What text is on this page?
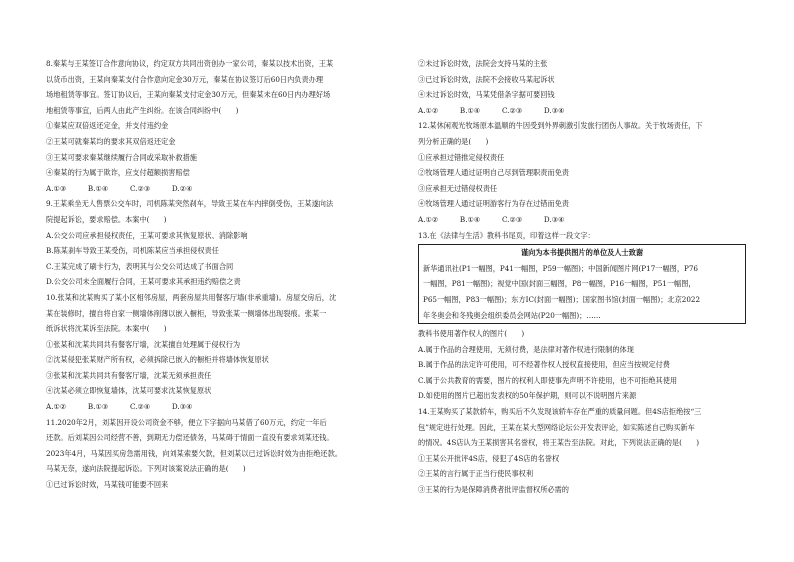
8.秦某与王某签订合作意向协议，约定双方共同出资创办一家公司，秦某以技术出资，王某
以货币出资，王某向秦某支付合作意向定金30万元，秦某在协议签订后60日内负责办理
场地租赁等事宜。签订协议后，王某向秦某支付定金30万元，但秦某未在60日内办理好场
地租赁等事宜，后两人由此产生纠纷。在该合同纠纷中(　　)
①秦某应双倍返还定金，并支付违约金
②王某可就秦某均的要求其双倍返还定金
③王某可要求秦某继续履行合同或采取补救措施
④秦某的行为属于欺诈，应支付超额损害赔偿
A.①③　　　B.①④　　　C.②③　　　D.②④
9.王某乘坐无人售票公交车时，司机陈某突然刹车，导致王某在车内摔倒受伤，王某遂向法
院提起诉讼，要求赔偿。本案中(　　)
A.公交公司应承担侵权责任，王某可要求其恢复原状、消除影响
B.陈某刹车导致王某受伤，司机陈某应当承担侵权责任
C.王某完成了刷卡行为，表明其与公交公司达成了书面合同
D.公交公司未全面履行合同，王某可要求其承担违约赔偿之责
10.张某和沈某购买了某小区相邻房屋，两套房屋共用餐客厅墙(非承重墙)。房屋交房后，沈
某在装修时，擅自将自家一侧墙体削薄以嵌入橱柜，导致张某一侧墙体出现裂痕。张某一
纸诉状将沈某诉至法院。本案中(　　)
①张某和沈某共同共有餐客厅墙，沈某擅自处理属于侵权行为
②沈某侵犯张某财产所有权，必须拆除已嵌入的橱柜并将墙体恢复原状
③张某和沈某共同共有餐客厅墙，沈某无须承担责任
④沈某必须立即恢复墙体，沈某可要求沈某恢复原状
A.①②　　　B.①③　　　C.②④　　　D.③④
11.2020年2月，刘某因开设公司资金不够，便立下字据向马某借了60万元，约定一年后
还款。后刘某因公司经营不善，到期无力偿还债务，马某碍于情面一直没有要求刘某还钱。
2023年4月，马某因买房急需用钱，向刘某索要欠款，但刘某以已过诉讼时效为由拒绝还款。
马某无奈，遂向法院提起诉讼。下列对该案说法正确的是(　　)
①已过诉讼时效，马某钱可能要不回来
②未过诉讼时效，法院会支持马某的主张
③已过诉讼时效，法院不会接收马某起诉状
④未过诉讼时效，马某凭借条字据可要回钱
A.①②　　　B.①④　　　C.②③　　　D.③④
12.某休闲观光牧场原本温顺的牛因受到外界刺激引发旅行团伤人事故。关于牧场责任，下
列分析正确的是(　　)
①应承担过错推定侵权责任
②牧场管理人通过证明自己尽到管理职责而免责
③应承担无过错侵权责任
④牧场管理人通过证明游客行为存在过错而免责
A.①②　　　B.①④　　　C.②③　　　D.③④
13.在《法律与生活》教科书尾页，印着这样一段文字：
谨向为本书提供图片的单位及人士致谢
新华通讯社(P1一幅图，P41一幅图，P59一幅图)；中国新闻图片网(P17一幅图，P76
一幅图，P81一幅图)；视觉中国(封面三幅图，P8一幅图，P16一幅图，P51一幅图，
P65一幅图，P83一幅图)；东方IC(封面一幅图)；国家图书馆(封面一幅图)；北京2022
年冬奥会和冬残奥会组织委员会网站(P20一幅图)；……
教科书使用著作权人的图片(　　)
A.属于作品的合理使用，无须付费，是法律对著作权进行限制的体现
B.属于作品的法定许可使用，可不经著作权人授权直接使用，但应当按规定付费
C.属于公共教育的需要，图片的权利人即使事先声明不许使用，也不可拒绝其使用
D.如使用的图片已超出发表权的50年保护期，则可以不说明图片来源
14.王某购买了某款轿车，购买后不久发现该轿车存在严重的质量问题。但4S店拒绝按“三
包”规定进行处理。因此，王某在某大型网络论坛公开发表评论，如实陈述自己购买新车
的情况。4S店认为王某损害其名誉权，将王某告至法院。对此，下列说法正确的是(　　)
①王某公开批评4S店，侵犯了4S店的名誉权
②王某的言行属于正当行使民事权利
③王某的行为是保障消费者批评监督权所必需的
